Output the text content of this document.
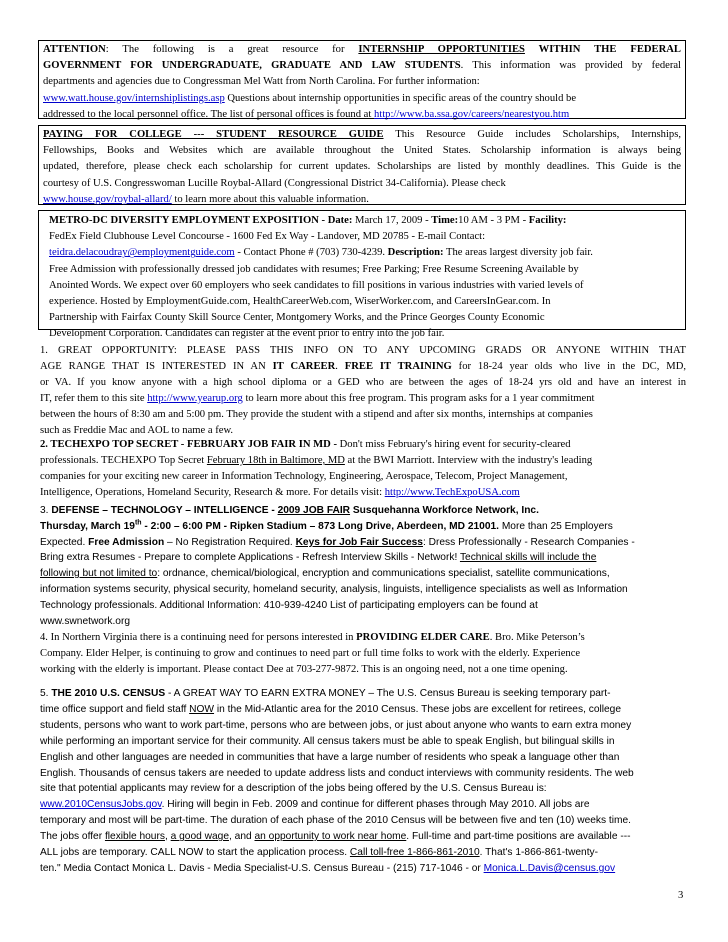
ATTENTION: The following is a great resource for INTERNSHIP OPPORTUNITIES WITHIN THE FEDERAL
GOVERNMENT FOR UNDERGRADUATE, GRADUATE AND LAW STUDENTS. This information was provided by federal
departments and agencies due to Congressman Mel Watt from North Carolina. For further information:
www.watt.house.gov/internshiplistings.asp Questions about internship opportunities in specific areas of the country should be
addressed to the local personnel office. The list of personal offices is found at http://www.ba.ssa.gov/careers/nearestyou.htm
PAYING FOR COLLEGE --- STUDENT RESOURCE GUIDE This Resource Guide includes Scholarships, Internships,
Fellowships, Books and Websites which are available throughout the United States. Scholarship information is always being
updated, therefore, please check each scholarship for current updates. Scholarships are listed by monthly deadlines. This Guide is the
courtesy of U.S. Congresswoman Lucille Roybal-Allard (Congressional District 34-California). Please check
www.house.gov/roybal-allard/ to learn more about this valuable information.
METRO-DC DIVERSITY EMPLOYMENT EXPOSITION - Date: March 17, 2009 - Time:10 AM - 3 PM - Facility:
FedEx Field Clubhouse Level Concourse - 1600 Fed Ex Way - Landover, MD 20785 - E-mail Contact:
teidra.delacoudray@employmentguide.com - Contact Phone # (703) 730-4239. Description: The areas largest diversity job fair.
Free Admission with professionally dressed job candidates with resumes; Free Parking; Free Resume Screening Available by
Anointed Words. We expect over 60 employers who seek candidates to fill positions in various industries with varied levels of
experience. Hosted by EmploymentGuide.com, HealthCareerWeb.com, WiserWorker.com, and CareersInGear.com. In
Partnership with Fairfax County Skill Source Center, Montgomery Works, and the Prince Georges County Economic
Development Corporation. Candidates can register at the event prior to entry into the job fair.
1. GREAT OPPORTUNITY: PLEASE PASS THIS INFO ON TO ANY UPCOMING GRADS OR ANYONE WITHIN THAT
AGE RANGE THAT IS INTERESTED IN AN IT CAREER. FREE IT TRAINING for 18-24 year olds who live in the DC, MD,
or VA. If you know anyone with a high school diploma or a GED who are between the ages of 18-24 yrs old and have an interest in
IT, refer them to this site http://www.yearup.org to learn more about this free program. This program asks for a 1 year commitment
between the hours of 8:30 am and 5:00 pm. They provide the student with a stipend and after six months, internships at companies
such as Freddie Mac and AOL to name a few.
2. TECHEXPO TOP SECRET - FEBRUARY JOB FAIR IN MD - Don't miss February's hiring event for security-cleared
professionals. TECHEXPO Top Secret February 18th in Baltimore, MD at the BWI Marriott. Interview with the industry's leading
companies for your exciting new career in Information Technology, Engineering, Aerospace, Telecom, Project Management,
Intelligence, Operations, Homeland Security, Research & more. For details visit: http://www.TechExpoUSA.com
3. DEFENSE – TECHNOLOGY – INTELLIGENCE - 2009 JOB FAIR Susquehanna Workforce Network, Inc.
Thursday, March 19th - 2:00 – 6:00 PM - Ripken Stadium – 873 Long Drive, Aberdeen, MD 21001. More than 25 Employers
Expected. Free Admission – No Registration Required. Keys for Job Fair Success: Dress Professionally - Research Companies -
Bring extra Resumes - Prepare to complete Applications - Refresh Interview Skills - Network! Technical skills will include the
following but not limited to: ordnance, chemical/biological, encryption and communications specialist, satellite communications,
information systems security, physical security, homeland security, analysis, linguists, intelligence specialists as well as Information
Technology professionals. Additional Information: 410-939-4240 List of participating employers can be found at
www.swnetwork.org
4. In Northern Virginia there is a continuing need for persons interested in PROVIDING ELDER CARE. Bro. Mike Peterson’s
Company. Elder Helper, is continuing to grow and continues to need part or full time folks to work with the elderly. Experience
working with the elderly is important. Please contact Dee at 703-277-9872. This is an ongoing need, not a one time opening.
5. THE 2010 U.S. CENSUS - A GREAT WAY TO EARN EXTRA MONEY – The U.S. Census Bureau is seeking temporary part-
time office support and field staff NOW in the Mid-Atlantic area for the 2010 Census. These jobs are excellent for retirees, college
students, persons who want to work part-time, persons who are between jobs, or just about anyone who wants to earn extra money
while performing an important service for their community. All census takers must be able to speak English, but bilingual skills in
English and other languages are needed in communities that have a large number of residents who speak a language other than
English. Thousands of census takers are needed to update address lists and conduct interviews with community residents. The web
site that potential applicants may review for a description of the jobs being offered by the U.S. Census Bureau is:
www.2010CensusJobs.gov. Hiring will begin in Feb. 2009 and continue for different phases through May 2010. All jobs are
temporary and most will be part-time. The duration of each phase of the 2010 Census will be between five and ten (10) weeks time.
The jobs offer flexible hours, a good wage, and an opportunity to work near home. Full-time and part-time positions are available ---
ALL jobs are temporary. CALL NOW to start the application process. Call toll-free 1-866-861-2010. That's 1-866-861-twenty-
ten." Media Contact Monica L. Davis - Media Specialist-U.S. Census Bureau - (215) 717-1046 - or Monica.L.Davis@census.gov
3
